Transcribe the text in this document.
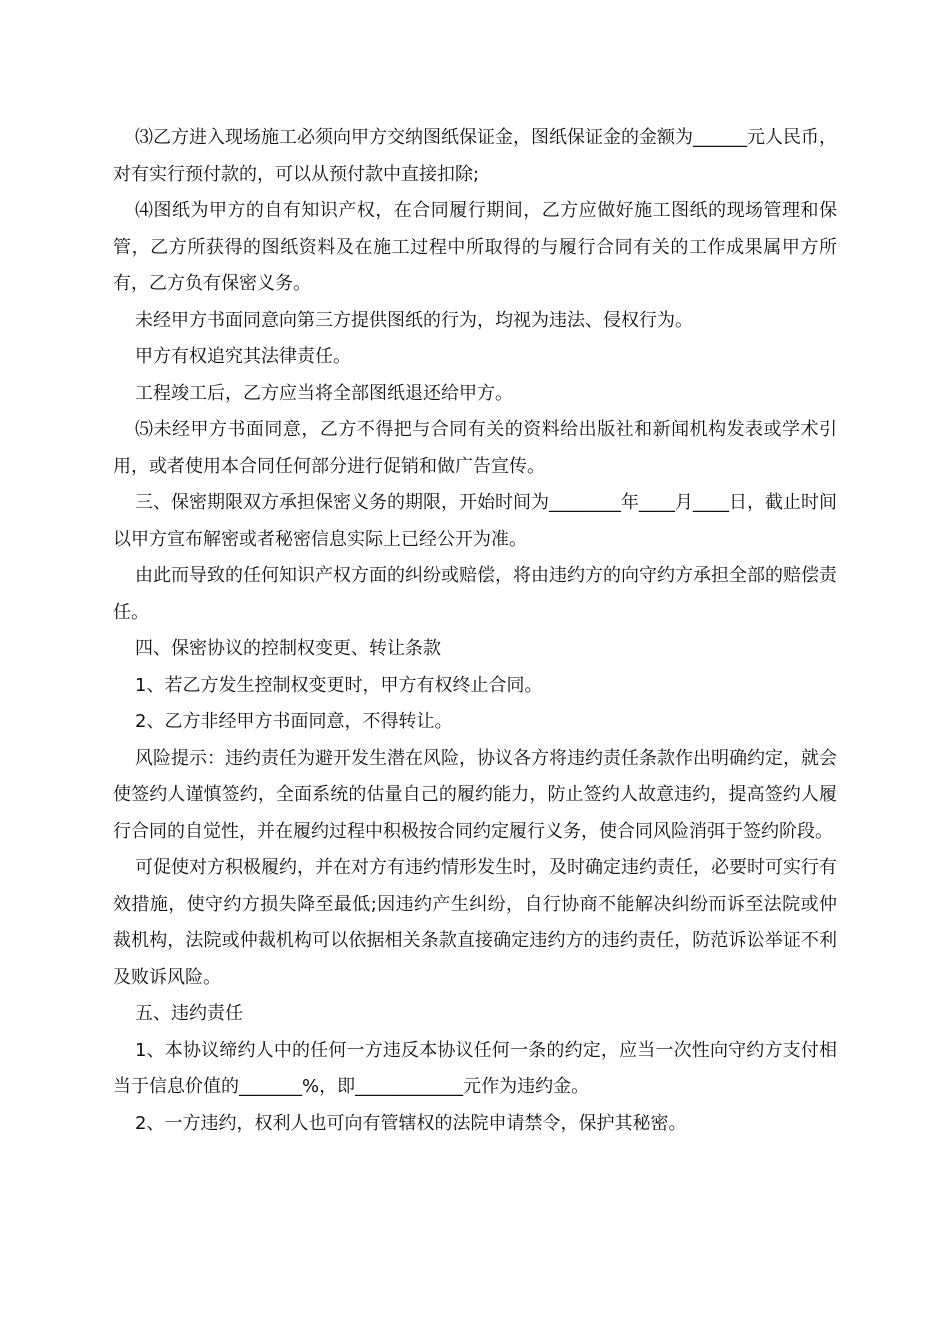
⑶乙方进入现场施工必须向甲方交纳图纸保证金，图纸保证金的金额为______元人民币，对有实行预付款的，可以从预付款中直接扣除;

⑷图纸为甲方的自有知识产权，在合同履行期间，乙方应做好施工图纸的现场管理和保管，乙方所获得的图纸资料及在施工过程中所取得的与履行合同有关的工作成果属甲方所有，乙方负有保密义务。

未经甲方书面同意向第三方提供图纸的行为，均视为违法、侵权行为。

甲方有权追究其法律责任。

工程竣工后，乙方应当将全部图纸退还给甲方。

⑸未经甲方书面同意，乙方不得把与合同有关的资料给出版社和新闻机构发表或学术引用，或者使用本合同任何部分进行促销和做广告宣传。

三、保密期限双方承担保密义务的期限，开始时间为________年____月____日，截止时间以甲方宣布解密或者秘密信息实际上已经公开为准。

由此而导致的任何知识产权方面的纠纷或赔偿，将由违约方的向守约方承担全部的赔偿责任。

四、保密协议的控制权变更、转让条款

1、若乙方发生控制权变更时，甲方有权终止合同。

2、乙方非经甲方书面同意，不得转让。

风险提示：违约责任为避开发生潜在风险，协议各方将违约责任条款作出明确约定，就会使签约人谨慎签约，全面系统的估量自己的履约能力，防止签约人故意违约，提高签约人履行合同的自觉性，并在履约过程中积极按合同约定履行义务，使合同风险消弭于签约阶段。

可促使对方积极履约，并在对方有违约情形发生时，及时确定违约责任，必要时可实行有效措施，使守约方损失降至最低;因违约产生纠纷，自行协商不能解决纠纷而诉至法院或仲裁机构，法院或仲裁机构可以依据相关条款直接确定违约方的违约责任，防范诉讼举证不利及败诉风险。

五、违约责任

1、本协议缔约人中的任何一方违反本协议任何一条的约定，应当一次性向守约方支付相当于信息价值的_______%，即____________元作为违约金。

2、一方违约，权利人也可向有管辖权的法院申请禁令，保护其秘密。
